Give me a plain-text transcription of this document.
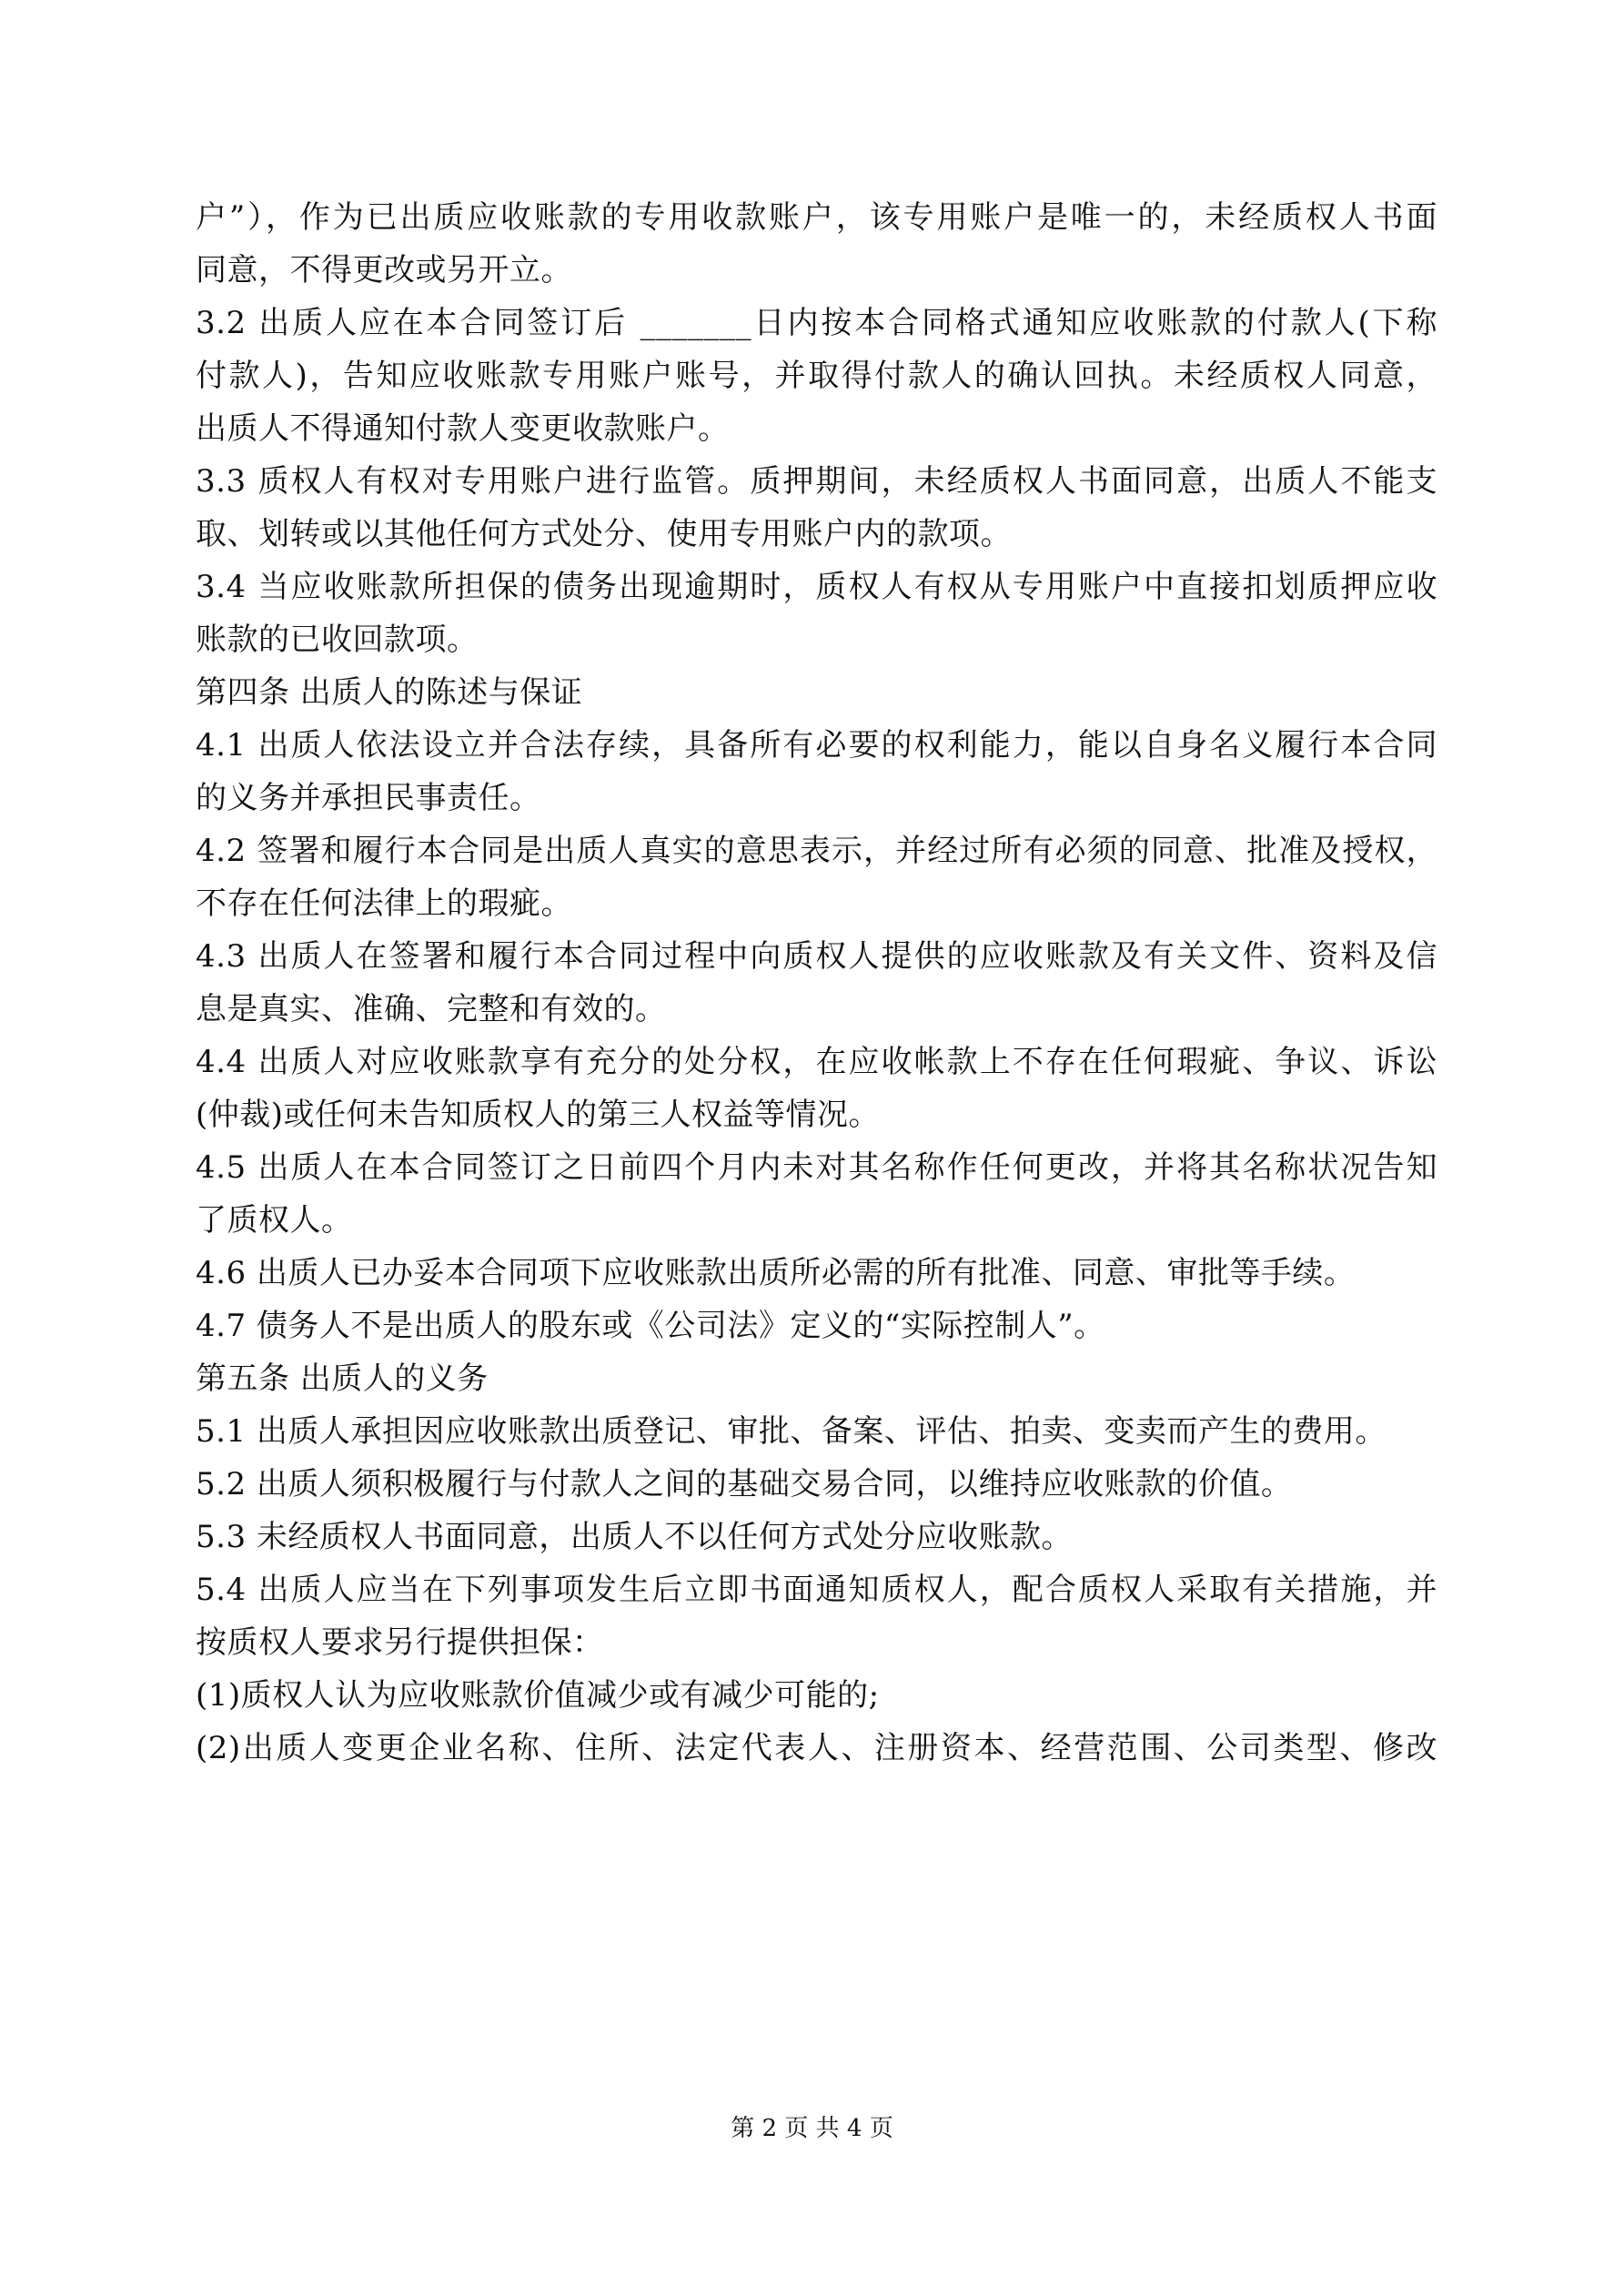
户”），作为已出质应收账款的专用收款账户，该专用账户是唯一的，未经质权人书面

同意，不得更改或另开立。

3.2 出质人应在本合同签订后 _______日内按本合同格式通知应收账款的付款人(下称

付款人)，告知应收账款专用账户账号，并取得付款人的确认回执。未经质权人同意，

出质人不得通知付款人变更收款账户。

3.3 质权人有权对专用账户进行监管。质押期间，未经质权人书面同意，出质人不能支

取、划转或以其他任何方式处分、使用专用账户内的款项。

3.4 当应收账款所担保的债务出现逾期时，质权人有权从专用账户中直接扣划质押应收

账款的已收回款项。

第四条 出质人的陈述与保证

4.1 出质人依法设立并合法存续，具备所有必要的权利能力，能以自身名义履行本合同

的义务并承担民事责任。

4.2 签署和履行本合同是出质人真实的意思表示，并经过所有必须的同意、批准及授权，

不存在任何法律上的瑕疵。

4.3 出质人在签署和履行本合同过程中向质权人提供的应收账款及有关文件、资料及信

息是真实、准确、完整和有效的。

4.4 出质人对应收账款享有充分的处分权，在应收帐款上不存在任何瑕疵、争议、诉讼

(仲裁)或任何未告知质权人的第三人权益等情况。

4.5 出质人在本合同签订之日前四个月内未对其名称作任何更改，并将其名称状况告知

了质权人。

4.6 出质人已办妥本合同项下应收账款出质所必需的所有批准、同意、审批等手续。

4.7 债务人不是出质人的股东或《公司法》定义的“实际控制人”。

第五条 出质人的义务

5.1 出质人承担因应收账款出质登记、审批、备案、评估、拍卖、变卖而产生的费用。

5.2 出质人须积极履行与付款人之间的基础交易合同，以维持应收账款的价值。

5.3 未经质权人书面同意，出质人不以任何方式处分应收账款。

5.4 出质人应当在下列事项发生后立即书面通知质权人，配合质权人采取有关措施，并

按质权人要求另行提供担保：

(1)质权人认为应收账款价值减少或有减少可能的;

(2)出质人变更企业名称、住所、法定代表人、注册资本、经营范围、公司类型、修改

第 2 页 共 4 页
